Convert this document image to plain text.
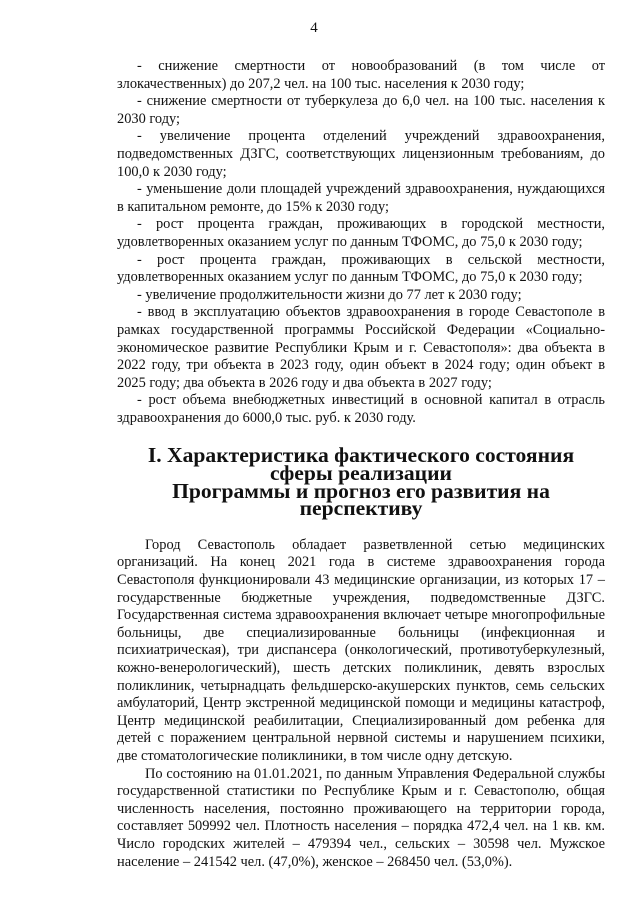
4

- снижение смертности от новообразований (в том числе от злокачественных) до 207,2 чел. на 100 тыс. населения к 2030 году;

- снижение смертности от туберкулеза до 6,0 чел. на 100 тыс. населения к 2030 году;

- увеличение процента отделений учреждений здравоохранения, подведомственных ДЗГС, соответствующих лицензионным требованиям, до 100,0 к 2030 году;

- уменьшение доли площадей учреждений здравоохранения, нуждающихся в капитальном ремонте, до 15% к 2030 году;

- рост процента граждан, проживающих в городской местности, удовлетворенных оказанием услуг по данным ТФОМС, до 75,0 к 2030 году;

- рост процента граждан, проживающих в сельской местности, удовлетворенных оказанием услуг по данным ТФОМС, до 75,0 к 2030 году;

- увеличение продолжительности жизни до 77 лет к 2030 году;

- ввод в эксплуатацию объектов здравоохранения в городе Севастополе в рамках государственной программы Российской Федерации «Социально-экономическое развитие Республики Крым и г. Севастополя»: два объекта в 2022 году, три объекта в 2023 году, один объект в 2024 году; один объект в 2025 году; два объекта в 2026 году и два объекта в 2027 году;

- рост объема внебюджетных инвестиций в основной капитал в отрасль здравоохранения до 6000,0 тыс. руб. к 2030 году.

I. Характеристика фактического состояния сферы реализации
Программы и прогноз его развития на перспективу

Город Севастополь обладает разветвленной сетью медицинских организаций. На конец 2021 года в системе здравоохранения города Севастополя функционировали 43 медицинские организации, из которых 17 – государственные бюджетные учреждения, подведомственные ДЗГС. Государственная система здравоохранения включает четыре многопрофильные больницы, две специализированные больницы (инфекционная и психиатрическая), три диспансера (онкологический, противотуберкулезный, кожно-венерологический), шесть детских поликлиник, девять взрослых поликлиник, четырнадцать фельдшерско-акушерских пунктов, семь сельских амбулаторий, Центр экстренной медицинской помощи и медицины катастроф, Центр медицинской реабилитации, Специализированный дом ребенка для детей с поражением центральной нервной системы и нарушением психики, две стоматологические поликлиники, в том числе одну детскую.

По состоянию на 01.01.2021, по данным Управления Федеральной службы государственной статистики по Республике Крым и г. Севастополю, общая численность населения, постоянно проживающего на территории города, составляет 509992 чел. Плотность населения – порядка 472,4 чел. на 1 кв. км. Число городских жителей – 479394 чел., сельских – 30598 чел. Мужское население – 241542 чел. (47,0%), женское – 268450 чел. (53,0%).
